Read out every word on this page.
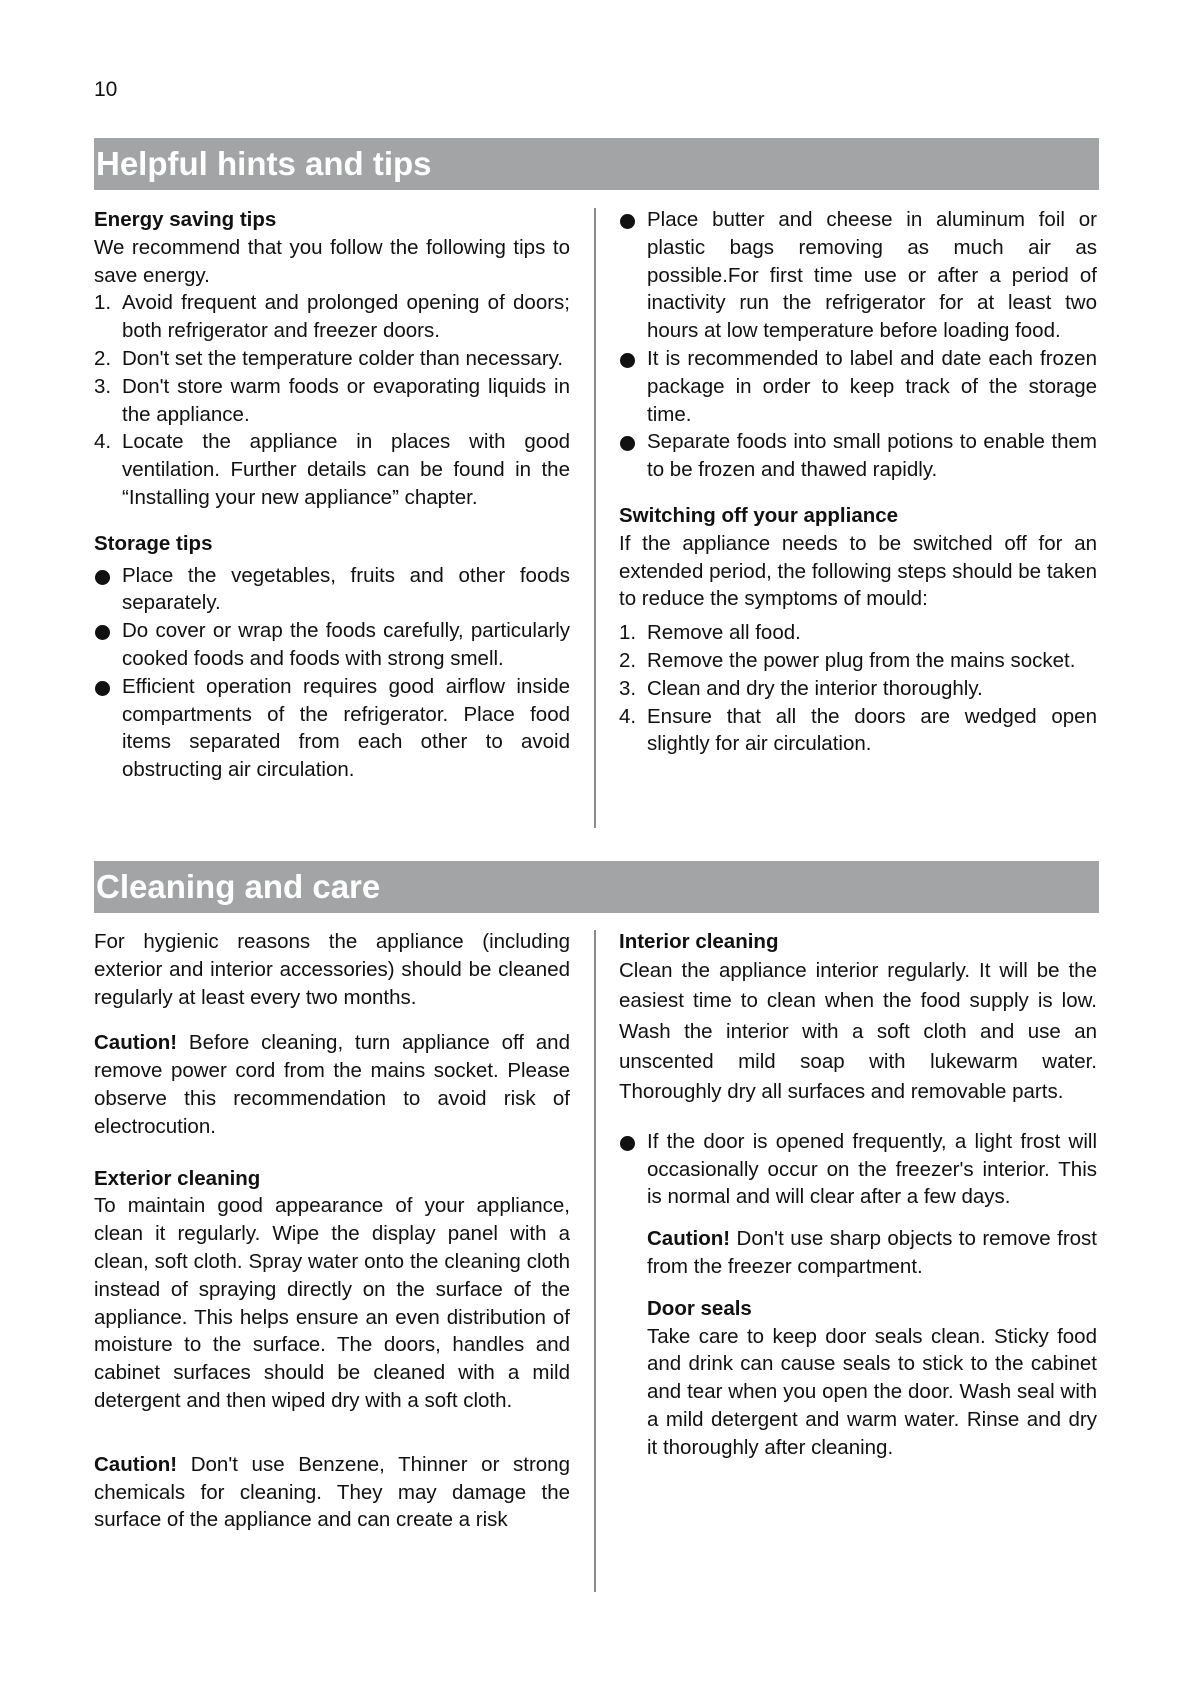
10
Helpful hints and tips

Energy saving tips

We recommend that you follow the following tips to save energy.

1. Avoid frequent and prolonged opening of doors; both refrigerator and freezer doors.
2. Don't set the temperature colder than necessary.
3. Don't store warm foods or evaporating liquids in the appliance.
4. Locate the appliance in places with good ventilation. Further details can be found in the “Installing your new appliance” chapter.

Storage tips

Place the vegetables, fruits and other foods separately.
Do cover or wrap the foods carefully, particularly cooked foods and foods with strong smell.
Efficient operation requires good airflow inside compartments of the refrigerator. Place food items separated from each other to avoid obstructing air circulation.
Place butter and cheese in aluminum foil or plastic bags removing as much air as possible.For first time use or after a period of inactivity run the refrigerator for at least two hours at low temperature before loading food.
It is recommended to label and date each frozen package in order to keep track of the storage time.
Separate foods into small potions to enable them to be frozen and thawed rapidly.

Switching off your appliance

If the appliance needs to be switched off for an extended period, the following steps should be taken to reduce the symptoms of mould:

1. Remove all food.
2. Remove the power plug from the mains socket.
3. Clean and dry the interior thoroughly.
4. Ensure that all the doors are wedged open slightly for air circulation.
Cleaning and care

For hygienic reasons the appliance (including exterior and interior accessories) should be cleaned regularly at least every two months.

Caution! Before cleaning, turn appliance off and remove power cord from the mains socket. Please observe this recommendation to avoid risk of electrocution.

Exterior cleaning

To maintain good appearance of your appliance, clean it regularly. Wipe the display panel with a clean, soft cloth. Spray water onto the cleaning cloth instead of spraying directly on the surface of the appliance. This helps ensure an even distribution of moisture to the surface. The doors, handles and cabinet surfaces should be cleaned with a mild detergent and then wiped dry with a soft cloth.

Caution! Don't use Benzene, Thinner or strong chemicals for cleaning. They may damage the surface of the appliance and can create a risk

Interior cleaning

Clean the appliance interior regularly. It will be the easiest time to clean when the food supply is low. Wash the interior with a soft cloth and use an unscented mild soap with lukewarm water. Thoroughly dry all surfaces and removable parts.

If the door is opened frequently, a light frost will occasionally occur on the freezer's interior. This is normal and will clear after a few days.

Caution! Don't use sharp objects to remove frost from the freezer compartment.

Door seals

Take care to keep door seals clean. Sticky food and drink can cause seals to stick to the cabinet and tear when you open the door. Wash seal with a mild detergent and warm water. Rinse and dry it thoroughly after cleaning.
